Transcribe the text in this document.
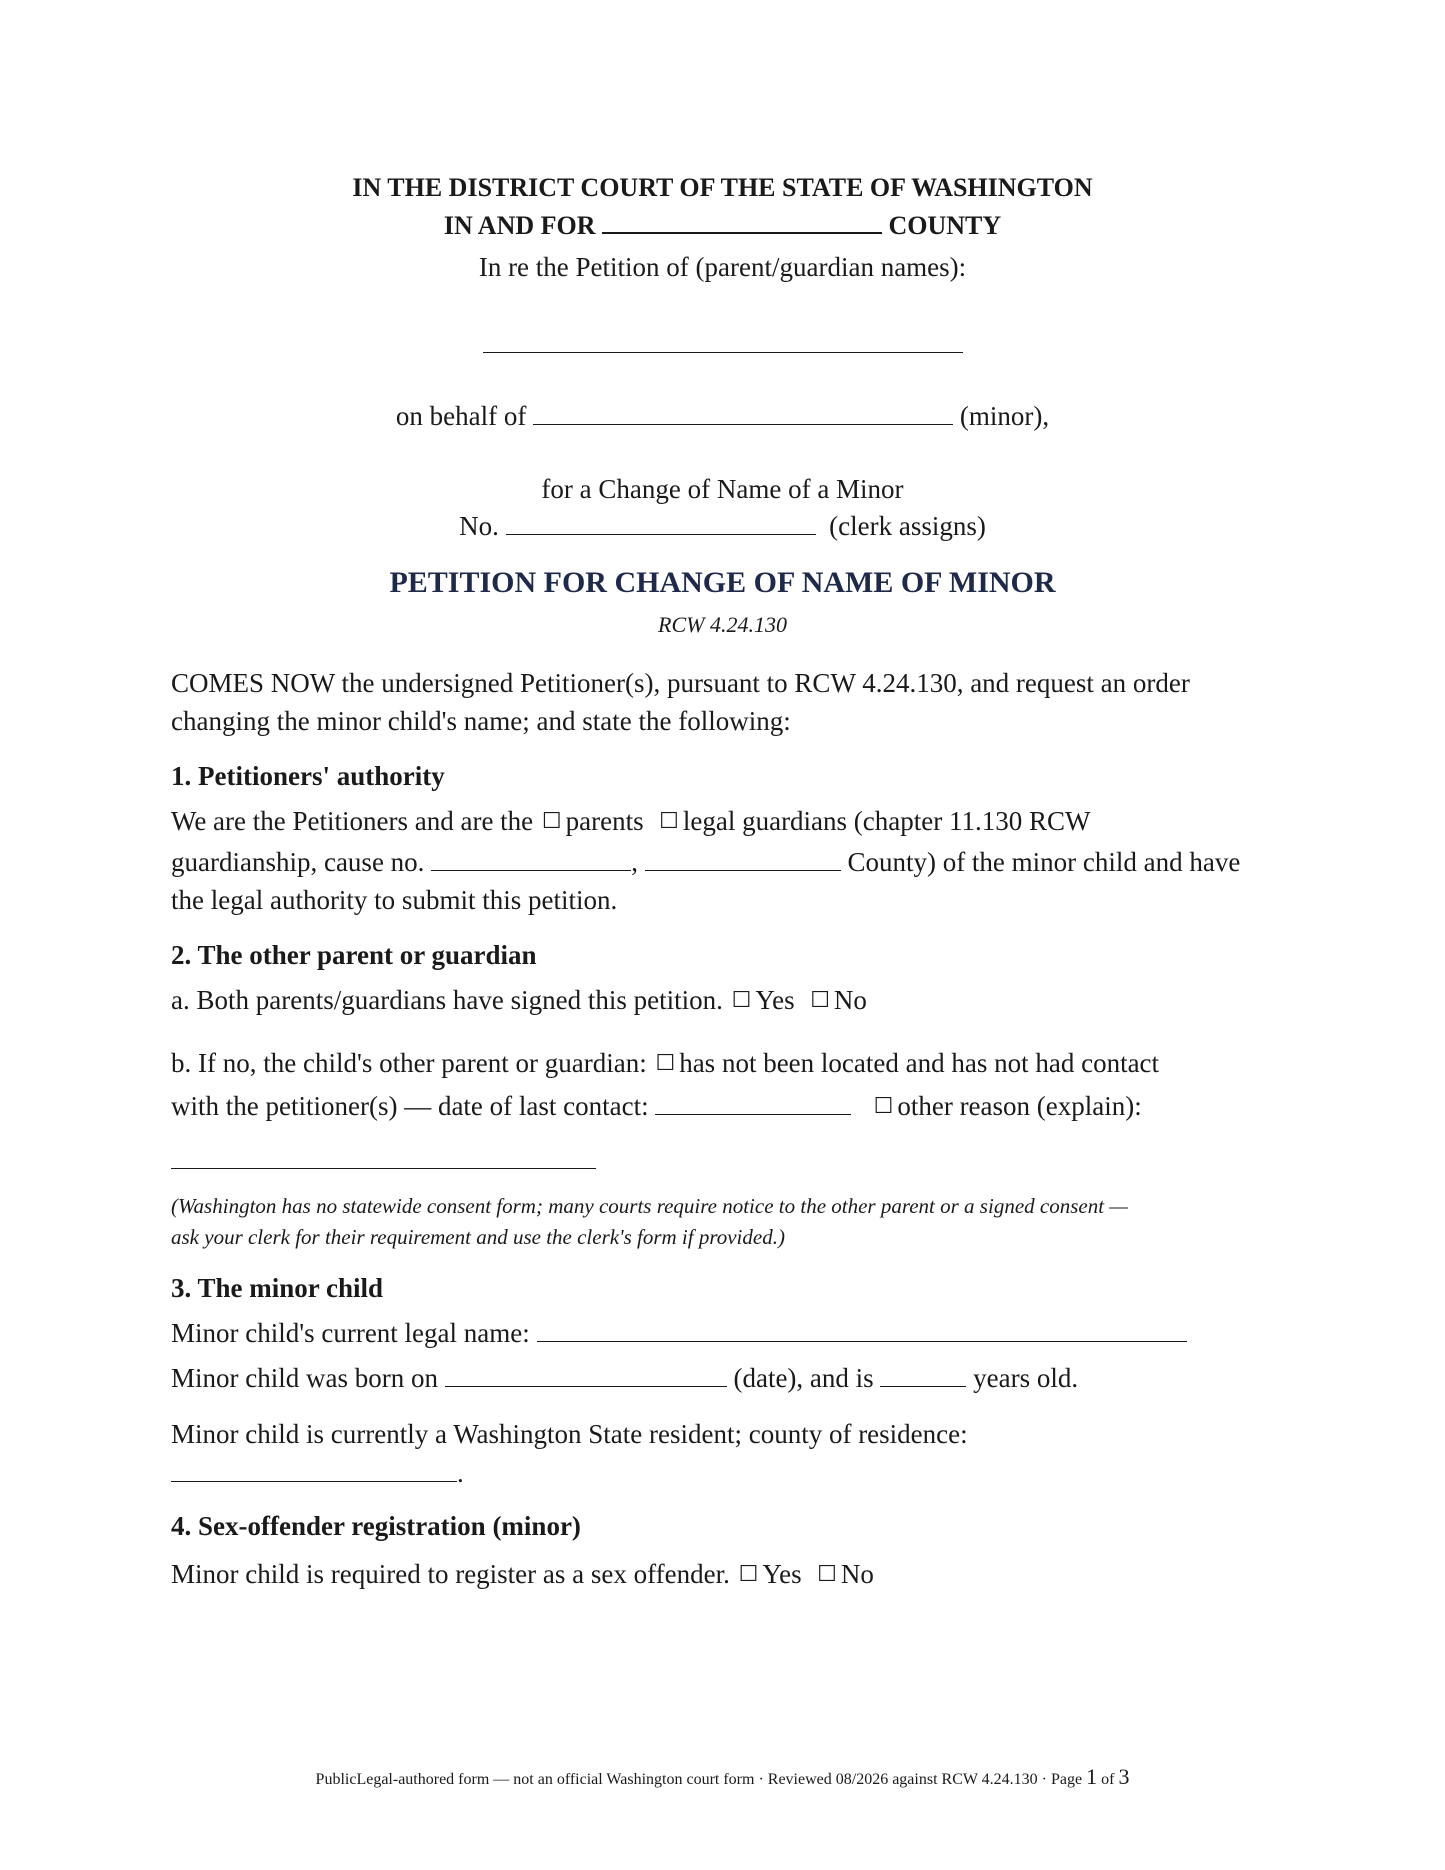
IN THE DISTRICT COURT OF THE STATE OF WASHINGTON
IN AND FOR	COUNTY
In re the Petition of (parent/guardian names):
on behalf of	(minor),
for a Change of Name of a Minor
No.	(clerk assigns)
PETITION FOR CHANGE OF NAME OF MINOR
RCW 4.24.130
COMES NOW the undersigned Petitioner(s), pursuant to RCW 4.24.130, and request an order
changing the minor child's name; and state the following:
1. Petitioners' authority
We are the Petitioners and are the ☐ parents ☐ legal guardians (chapter 11.130 RCW
guardianship, cause no.	,	County) of the minor child and have
the legal authority to submit this petition.
2. The other parent or guardian
a. Both parents/guardians have signed this petition. ☐ Yes ☐ No
b. If no, the child's other parent or guardian: ☐ has not been located and has not had contact
with the petitioner(s) — date of last contact:	☐ other reason (explain):
(Washington has no statewide consent form; many courts require notice to the other parent or a signed consent —
ask your clerk for their requirement and use the clerk's form if provided.)
3. The minor child
Minor child's current legal name:
Minor child was born on	(date), and is	years old.
Minor child is currently a Washington State resident; county of residence:
.
4. Sex-offender registration (minor)
Minor child is required to register as a sex offender. ☐ Yes ☐ No
PublicLegal-authored form — not an official Washington court form · Reviewed 08/2026 against RCW 4.24.130 · Page 1 of 3
